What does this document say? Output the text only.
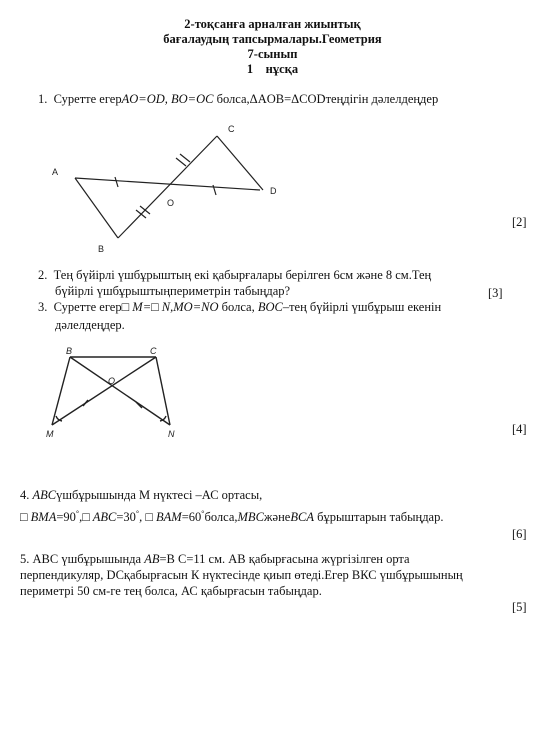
2-тоқсанға арналған жиынтық
бағалаудың тапсырмалары.Геометрия
7-сынып
1    нұсқа
1. Суретте егерAO=OD, BO=OC болса,ΔAOB=ΔCODтеңдігін дәлелдеңдер
C
A
D
O
B
[2]
2. Тең бүйірлі үшбұрыштың екі қабырғалары берілген 6см және 8 см.Тең
бүйірлі үшбұрыштыңпериметрін табыңдар?	[3]
3. Суретте егер□ M=□ N,MO=NO болса, BOC–тең бүйірлі үшбұрыш екенін
дәлелдеңдер.
B	C
O
M	N	[4]
4. ABCүшбұрышында М нүктесі –АС ортасы,
□ BMA=90°,□ ABC=30°, □ BAM=60°болса,MBCжәнеBCA бұрыштарын табыңдар.
[6]
5. АВС үшбұрышында AB=В С=11 см. АВ қабырғасына жүргізілген орта
перпендикуляр, DCқабырғасын К нүктесінде қиып өтеді.Егер ВКС үшбұрышының
периметрі 50 см-ге тең болса, АС қабырғасын табыңдар.
[5]
